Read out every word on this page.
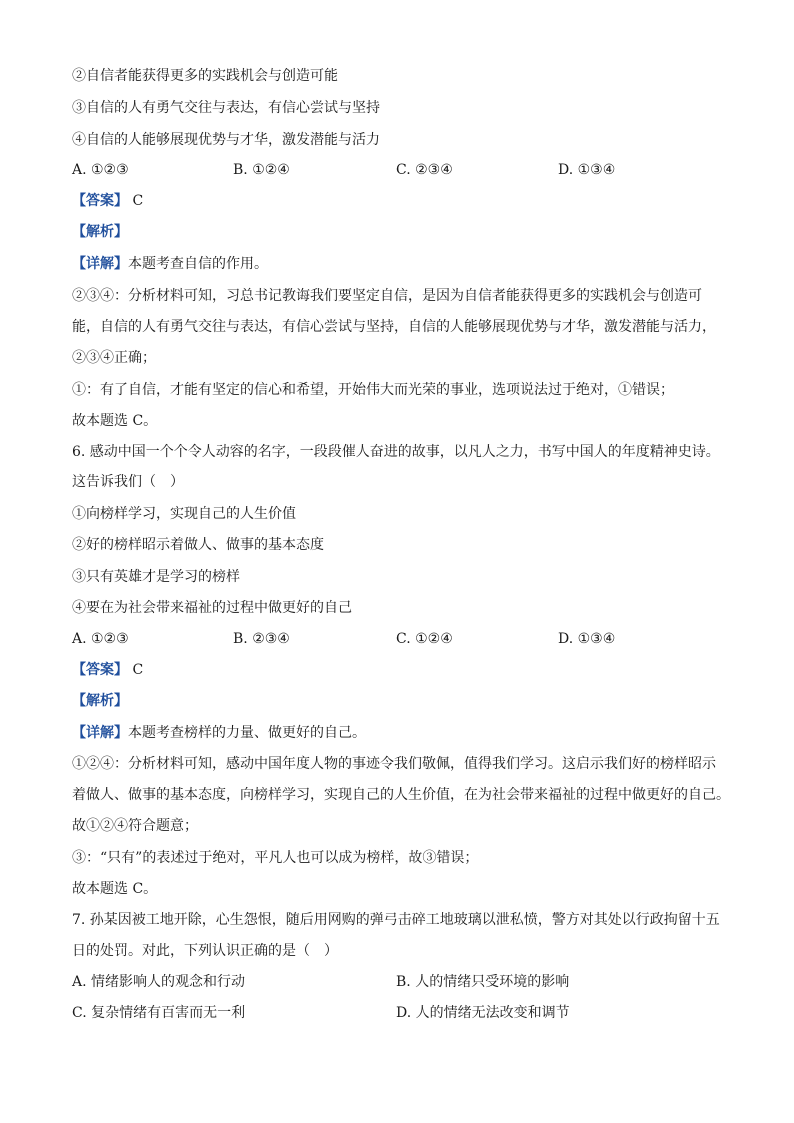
②自信者能获得更多的实践机会与创造可能
③自信的人有勇气交往与表达，有信心尝试与坚持
④自信的人能够展现优势与才华，激发潜能与活力
A. ①②③	B. ①②④	C. ②③④	D. ①③④
【答案】 C
【解析】
【详解】本题考查自信的作用。
②③④：分析材料可知，习总书记教诲我们要坚定自信，是因为自信者能获得更多的实践机会与创造可
能，自信的人有勇气交往与表达，有信心尝试与坚持，自信的人能够展现优势与才华，激发潜能与活力，
②③④正确；
①：有了自信，才能有坚定的信心和希望，开始伟大而光荣的事业，选项说法过于绝对，①错误；
故本题选 C。
6. 感动中国一个个令人动容的名字，一段段催人奋进的故事，以凡人之力，书写中国人的年度精神史诗。
这告诉我们（　）
①向榜样学习，实现自己的人生价值
②好的榜样昭示着做人、做事的基本态度
③只有英雄才是学习的榜样
④要在为社会带来福祉的过程中做更好的自己
A. ①②③	B. ②③④	C. ①②④	D. ①③④
【答案】 C
【解析】
【详解】本题考查榜样的力量、做更好的自己。
①②④：分析材料可知，感动中国年度人物的事迹令我们敬佩，值得我们学习。这启示我们好的榜样昭示
着做人、做事的基本态度，向榜样学习，实现自己的人生价值，在为社会带来福祉的过程中做更好的自己。
故①②④符合题意；
③：“只有”的表述过于绝对，平凡人也可以成为榜样，故③错误；
故本题选 C。
7. 孙某因被工地开除，心生怨恨，随后用网购的弹弓击碎工地玻璃以泄私愤，警方对其处以行政拘留十五
日的处罚。对此，下列认识正确的是（　）
A. 情绪影响人的观念和行动	B. 人的情绪只受环境的影响
C. 复杂情绪有百害而无一利	D. 人的情绪无法改变和调节
